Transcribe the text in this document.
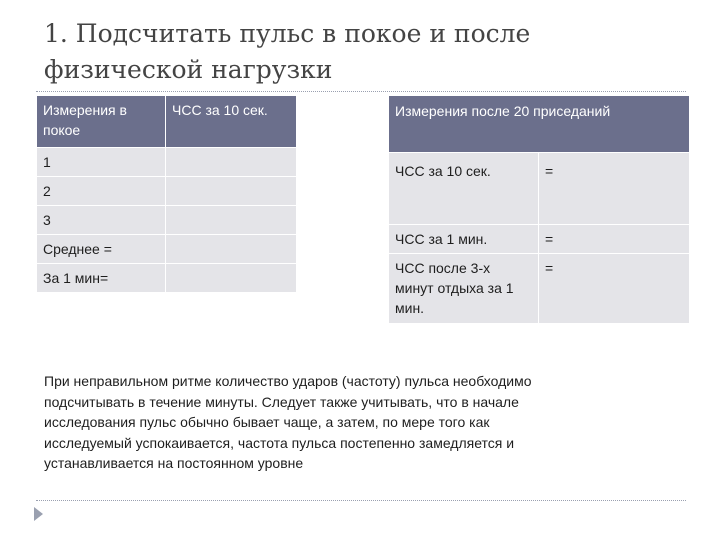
1. Подсчитать пульс в покое и после
физической нагрузки
Измерения в покое	ЧСС за 10 сек.
1	
2	
3	
Среднее =	
За 1 мин=	
Измерения после 20 приседаний	
ЧСС за 10 сек.	=
ЧСС за 1 мин.	=
ЧСС после 3-х минут отдыха за 1 мин.	=

При неправильном ритме количество ударов (частоту) пульса необходимо
подсчитывать в течение минуты. Следует также учитывать, что в начале
исследования пульс обычно бывает чаще, а затем, по мере того как
исследуемый успокаивается, частота пульса постепенно замедляется и
устанавливается на постоянном уровне
